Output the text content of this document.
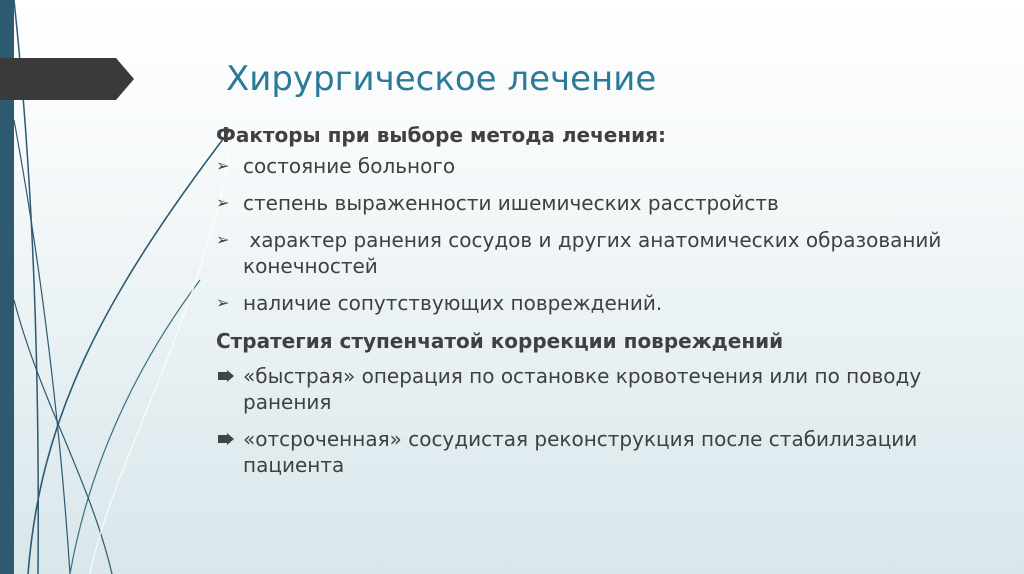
Хирургическое лечение
Факторы при выборе метода лечения:
➢ состояние больного
➢ степень выраженности ишемических расстройств
➢ характер ранения сосудов и других анатомических образований конечностей
➢ наличие сопутствующих повреждений.
Стратегия ступенчатой коррекции повреждений
«быстрая» операция по остановке кровотечения или по поводу ранения
«отсроченная» сосудистая реконструкция после стабилизации пациента
